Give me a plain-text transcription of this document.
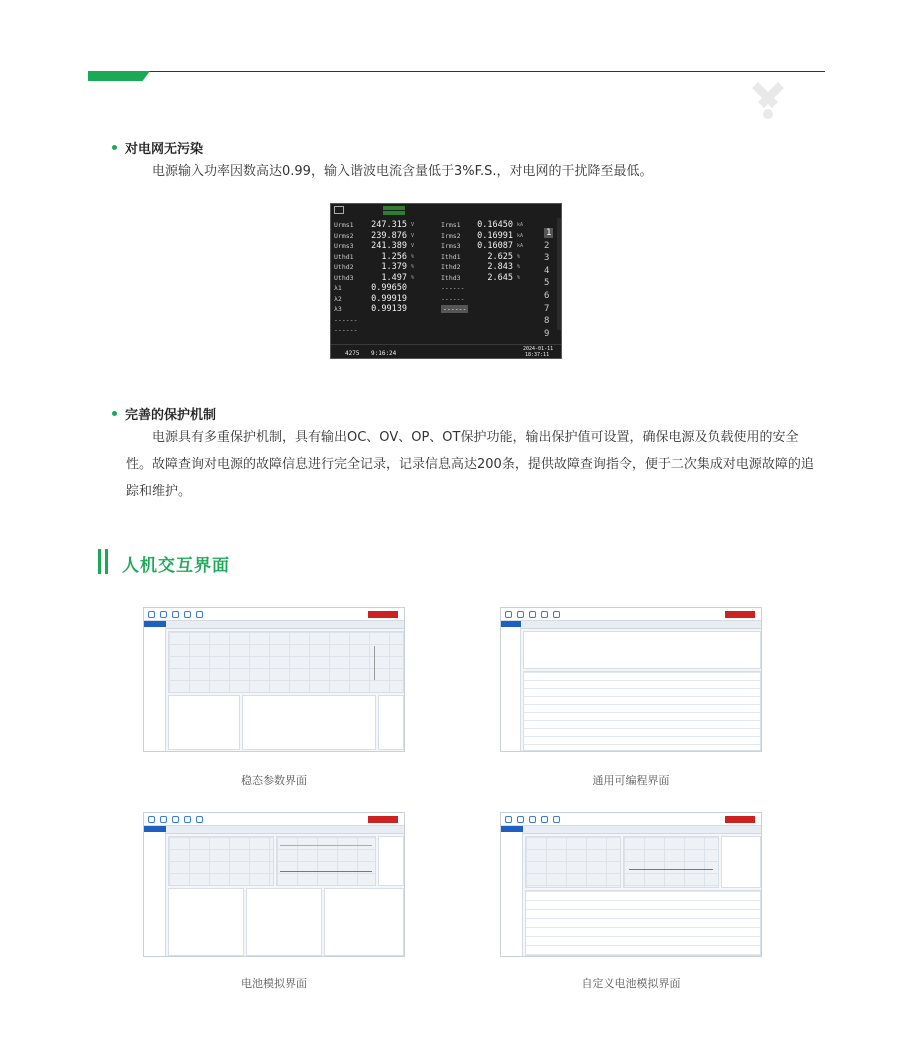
对电网无污染
电源输入功率因数高达0.99，输入谐波电流含量低于3%F.S.，对电网的干扰降至最低。
Urms1 247.315 V	Irms1 0.16450 kA
Urms2 239.876 V	Irms2 0.16991 kA
Urms3 241.389 V	Irms3 0.16087 kA
Uthd1	1.256 %	Ithd1	2.625 %
Uthd2	1.379 %	Ithd2	2.843 %
Uthd3	1.497 %	Ithd3	2.645 %
λ1	0.99650	------
λ2	0.99919	------
λ3	0.99139	------
------
------
1
2
3
4
5
6
7
8
9
4275 9:16:24
2024-01-11
18:37:11
完善的保护机制
电源具有多重保护机制，具有输出OC、OV、OP、OT保护功能，输出保护值可设置，确保电源及负载使用的安全性。故障查询对电源的故障信息进行完全记录，记录信息高达200条，提供故障查询指令，便于二次集成对电源故障的追踪和维护。
人机交互界面
稳态参数界面	通用可编程界面
电池模拟界面	自定义电池模拟界面
